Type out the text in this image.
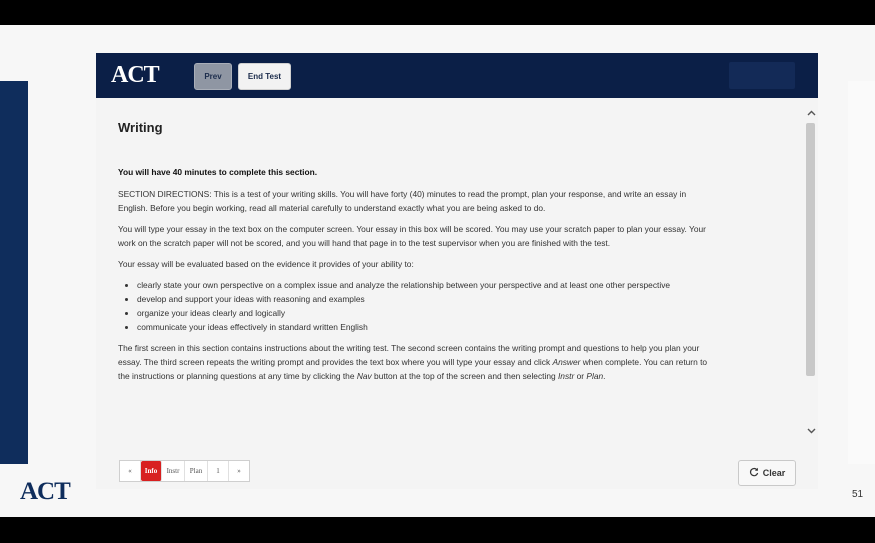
ACT	51
ACT	Prev	End Test
Writing

You will have 40 minutes to complete this section.

SECTION DIRECTIONS: This is a test of your writing skills. You will have forty (40) minutes to read the prompt, plan your response, and write an essay in English. Before you begin working, read all material carefully to understand exactly what you are being asked to do.

You will type your essay in the text box on the computer screen. Your essay in this box will be scored. You may use your scratch paper to plan your essay. Your work on the scratch paper will not be scored, and you will hand that page in to the test supervisor when you are finished with the test.

Your essay will be evaluated based on the evidence it provides of your ability to:

• clearly state your own perspective on a complex issue and analyze the relationship between your perspective and at least one other perspective
• develop and support your ideas with reasoning and examples
• organize your ideas clearly and logically
• communicate your ideas effectively in standard written English

The first screen in this section contains instructions about the writing test. The second screen contains the writing prompt and questions to help you plan your essay. The third screen repeats the writing prompt and provides the text box where you will type your essay and click Answer when complete. You can return to the instructions or planning questions at any time by clicking the Nav button at the top of the screen and then selecting Instr or Plan.

«	Info	Instr	Plan	1	»	Clear
